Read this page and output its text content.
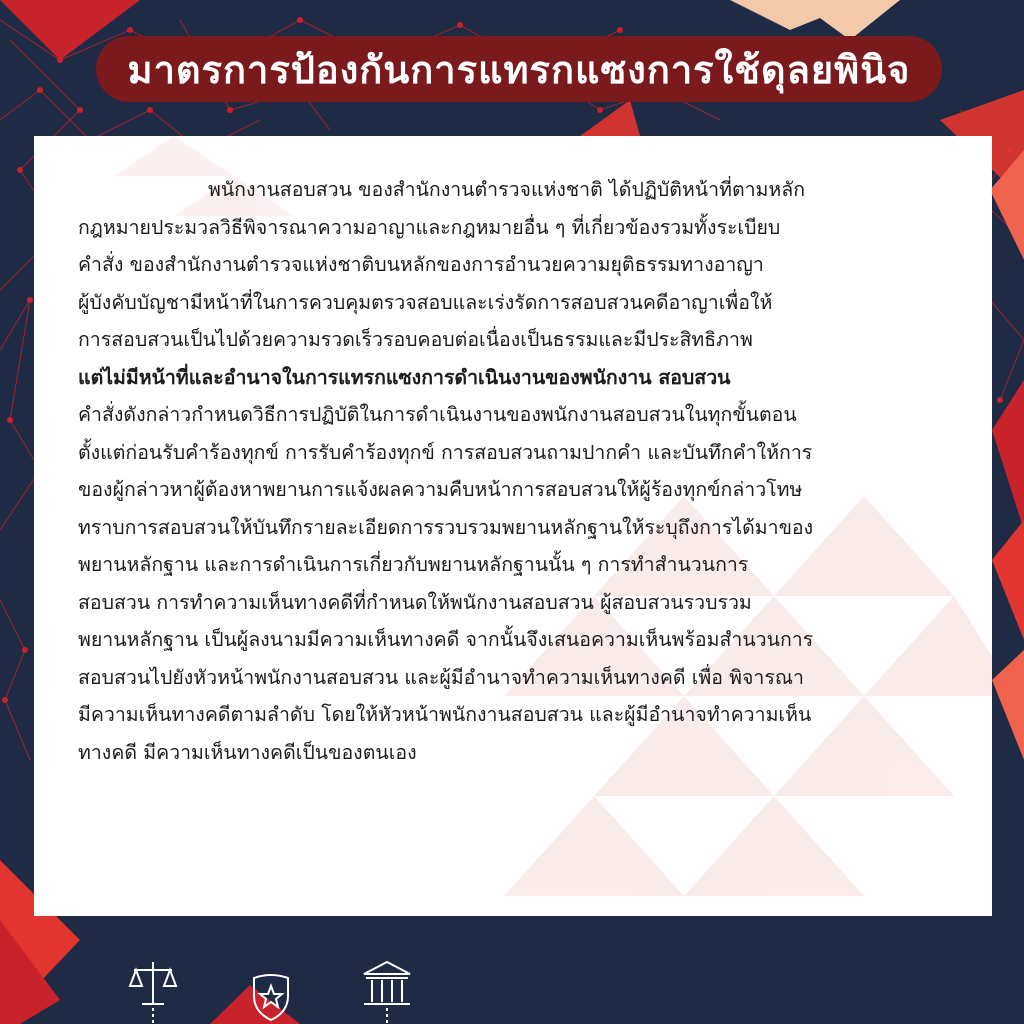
มาตรการป้องกันการแทรกแซงการใช้ดุลยพินิจ
พนักงานสอบสวน ของสำนักงานตำรวจแห่งชาติ ได้ปฏิบัติหน้าที่ตามหลัก
กฎหมายประมวลวิธีพิจารณาความอาญาและกฎหมายอื่น ๆ ที่เกี่ยวข้องรวมทั้งระเบียบ
คำสั่ง ของสำนักงานตำรวจแห่งชาติบนหลักของการอำนวยความยุติธรรมทางอาญา
ผู้บังคับบัญชามีหน้าที่ในการควบคุมตรวจสอบและเร่งรัดการสอบสวนคดีอาญาเพื่อให้
การสอบสวนเป็นไปด้วยความรวดเร็วรอบคอบต่อเนื่องเป็นธรรมและมีประสิทธิภาพ
แต่ไม่มีหน้าที่และอำนาจในการแทรกแซงการดำเนินงานของพนักงาน สอบสวน
คำสั่งดังกล่าวกำหนดวิธีการปฏิบัติในการดำเนินงานของพนักงานสอบสวนในทุกขั้นตอน
ตั้งแต่ก่อนรับคำร้องทุกข์ การรับคำร้องทุกข์ การสอบสวนถามปากคำ และบันทึกคำให้การ
ของผู้กล่าวหาผู้ต้องหาพยานการแจ้งผลความคืบหน้าการสอบสวนให้ผู้ร้องทุกข์กล่าวโทษ
ทราบการสอบสวนให้บันทึกรายละเอียดการรวบรวมพยานหลักฐานให้ระบุถึงการได้มาของ
พยานหลักฐาน และการดำเนินการเกี่ยวกับพยานหลักฐานนั้น ๆ การทำสำนวนการ
สอบสวน การทำความเห็นทางคดีที่กำหนดให้พนักงานสอบสวน ผู้สอบสวนรวบรวม
พยานหลักฐาน เป็นผู้ลงนามมีความเห็นทางคดี จากนั้นจึงเสนอความเห็นพร้อมสำนวนการ
สอบสวนไปยังหัวหน้าพนักงานสอบสวน และผู้มีอำนาจทำความเห็นทางคดี เพื่อ พิจารณา
มีความเห็นทางคดีตามลำดับ โดยให้หัวหน้าพนักงานสอบสวน และผู้มีอำนาจทำความเห็น
ทางคดี มีความเห็นทางคดีเป็นของตนเอง
